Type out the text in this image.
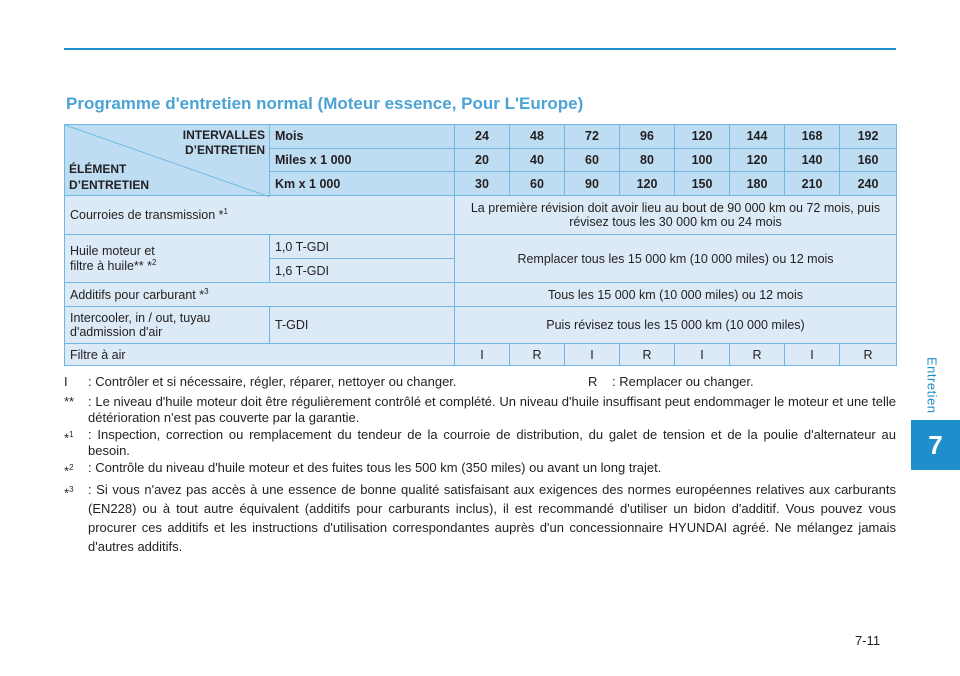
Entretien
7
Programme d'entretien normal (Moteur essence, Pour L'Europe)
INTERVALLES
D’ENTRETIEN
ÉLÉMENT
D’ENTRETIEN	Mois	24	48	72	96	120	144	168	192
	Miles x 1 000	20	40	60	80	100	120	140	160
	Km x 1 000	30	60	90	120	150	180	210	240
Courroies de transmission *$^1$		La première révision doit avoir lieu au bout de 90 000 km ou 72 mois, puis révisez tous les 30 000 km ou 24 mois							

Huile moteur et
filtre à huile** *$^2$	1,0 T-GDI	Remplacer tous les 15 000 km (10 000 miles) ou 12 mois							
	1,6 T-GDI								
Additifs pour carburant *$^3$		Tous les 15 000 km (10 000 miles) ou 12 mois							

Intercooler, in / out, tuyau
d'admission d'air	T-GDI	Puis révisez tous les 15 000 km (10 000 miles)							
Filtre à air		I	R	I	R	I	R	I	R
I	: Contrôler et si nécessaire, régler, réparer, nettoyer ou changer.	R	: Remplacer ou changer.
**	: Le niveau d'huile moteur doit être régulièrement contrôlé et complété. Un niveau d'huile insuffisant peut endommager le moteur et une telle détérioration n'est pas couverte par la garantie.
*$^1$	: Inspection, correction ou remplacement du tendeur de la courroie de distribution, du galet de tension et de la poulie d'alternateur au besoin.
*$^2$	: Contrôle du niveau d'huile moteur et des fuites tous les 500 km (350 miles) ou avant un long trajet.
*$^3$	: Si vous n'avez pas accès à une essence de bonne qualité satisfaisant aux exigences des normes européennes relatives aux carburants (EN228) ou à tout autre équivalent (additifs pour carburants inclus), il est recommandé d'utiliser un bidon d'additif. Vous pouvez vous procurer ces additifs et les instructions d'utilisation correspondantes auprès d'un concessionnaire HYUNDAI agréé. Ne mélangez jamais d'autres additifs.
7-11
